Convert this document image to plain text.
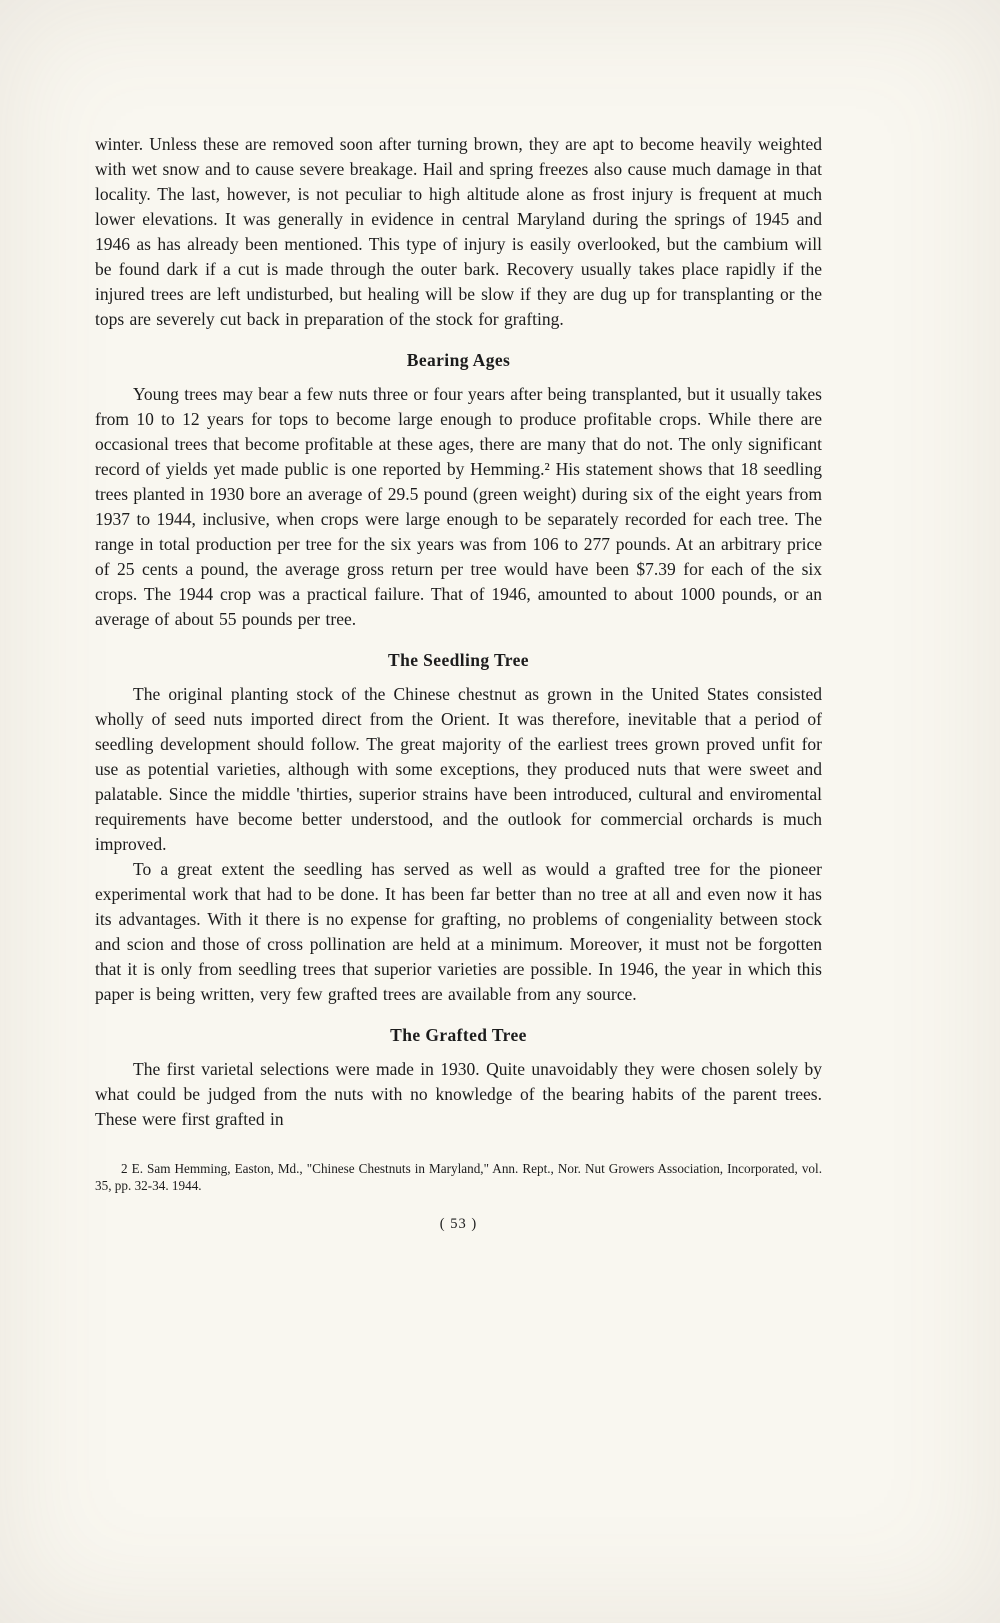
winter. Unless these are removed soon after turning brown, they are apt to become heavily weighted with wet snow and to cause severe breakage. Hail and spring freezes also cause much damage in that locality. The last, however, is not peculiar to high altitude alone as frost injury is frequent at much lower elevations. It was generally in evidence in central Maryland during the springs of 1945 and 1946 as has already been mentioned. This type of injury is easily overlooked, but the cambium will be found dark if a cut is made through the outer bark. Recovery usually takes place rapidly if the injured trees are left undisturbed, but healing will be slow if they are dug up for transplanting or the tops are severely cut back in preparation of the stock for grafting.

Bearing Ages

Young trees may bear a few nuts three or four years after being transplanted, but it usually takes from 10 to 12 years for tops to become large enough to produce profitable crops. While there are occasional trees that become profitable at these ages, there are many that do not. The only significant record of yields yet made public is one reported by Hemming.² His statement shows that 18 seedling trees planted in 1930 bore an average of 29.5 pound (green weight) during six of the eight years from 1937 to 1944, inclusive, when crops were large enough to be separately recorded for each tree. The range in total production per tree for the six years was from 106 to 277 pounds. At an arbitrary price of 25 cents a pound, the average gross return per tree would have been $7.39 for each of the six crops. The 1944 crop was a practical failure. That of 1946, amounted to about 1000 pounds, or an average of about 55 pounds per tree.

The Seedling Tree

The original planting stock of the Chinese chestnut as grown in the United States consisted wholly of seed nuts imported direct from the Orient. It was therefore, inevitable that a period of seedling development should follow. The great majority of the earliest trees grown proved unfit for use as potential varieties, although with some exceptions, they produced nuts that were sweet and palatable. Since the middle 'thirties, superior strains have been introduced, cultural and enviromental requirements have become better understood, and the outlook for commercial orchards is much improved.

To a great extent the seedling has served as well as would a grafted tree for the pioneer experimental work that had to be done. It has been far better than no tree at all and even now it has its advantages. With it there is no expense for grafting, no problems of congeniality between stock and scion and those of cross pollination are held at a minimum. Moreover, it must not be forgotten that it is only from seedling trees that superior varieties are possible. In 1946, the year in which this paper is being written, very few grafted trees are available from any source.

The Grafted Tree

The first varietal selections were made in 1930. Quite unavoidably they were chosen solely by what could be judged from the nuts with no knowledge of the bearing habits of the parent trees. These were first grafted in

2 E. Sam Hemming, Easton, Md., "Chinese Chestnuts in Maryland," Ann. Rept., Nor. Nut Growers Association, Incorporated, vol. 35, pp. 32-34. 1944.

( 53 )
